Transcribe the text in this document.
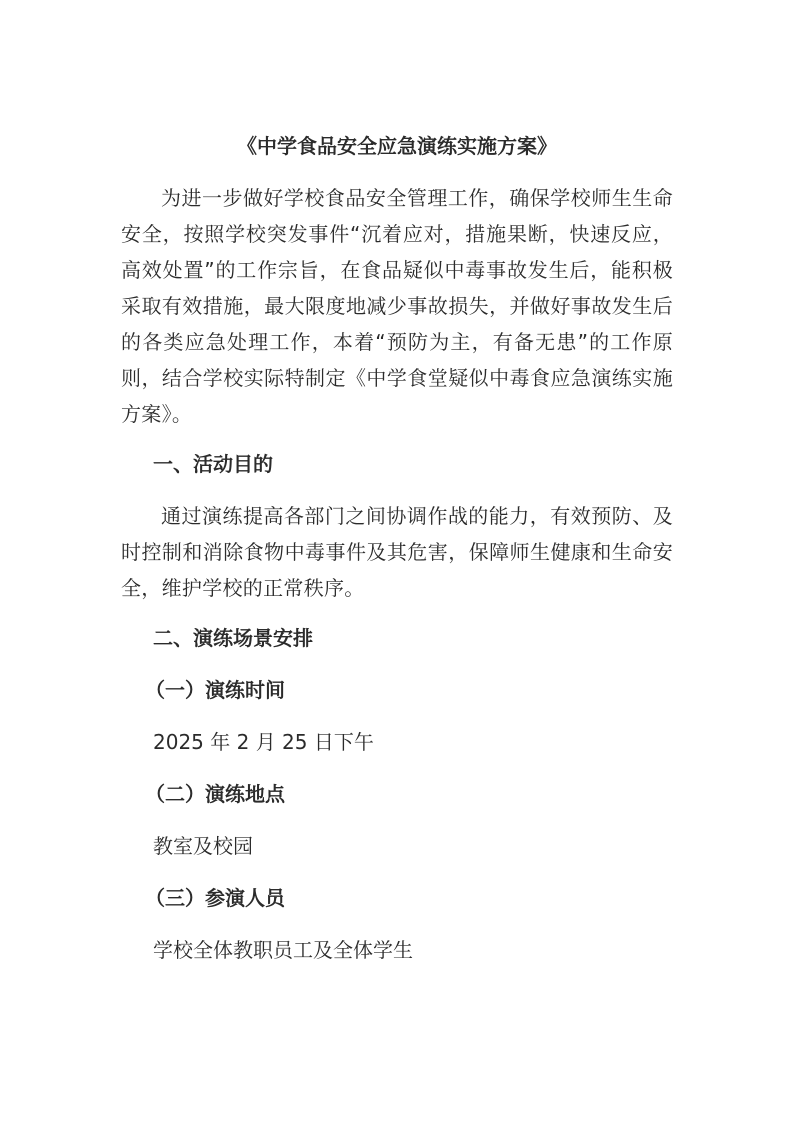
《中学食品安全应急演练实施方案》

为进一步做好学校食品安全管理工作，确保学校师生生命安全，按照学校突发事件“沉着应对，措施果断，快速反应，高效处置”的工作宗旨，在食品疑似中毒事故发生后，能积极采取有效措施，最大限度地减少事故损失，并做好事故发生后的各类应急处理工作，本着“预防为主，有备无患”的工作原则，结合学校实际特制定《中学食堂疑似中毒食应急演练实施方案》。

一、活动目的

通过演练提高各部门之间协调作战的能力，有效预防、及时控制和消除食物中毒事件及其危害，保障师生健康和生命安全，维护学校的正常秩序。

二、演练场景安排
（一）演练时间

2025 年 2 月 25 日下午

（二）演练地点

教室及校园

（三）参演人员

学校全体教职员工及全体学生
